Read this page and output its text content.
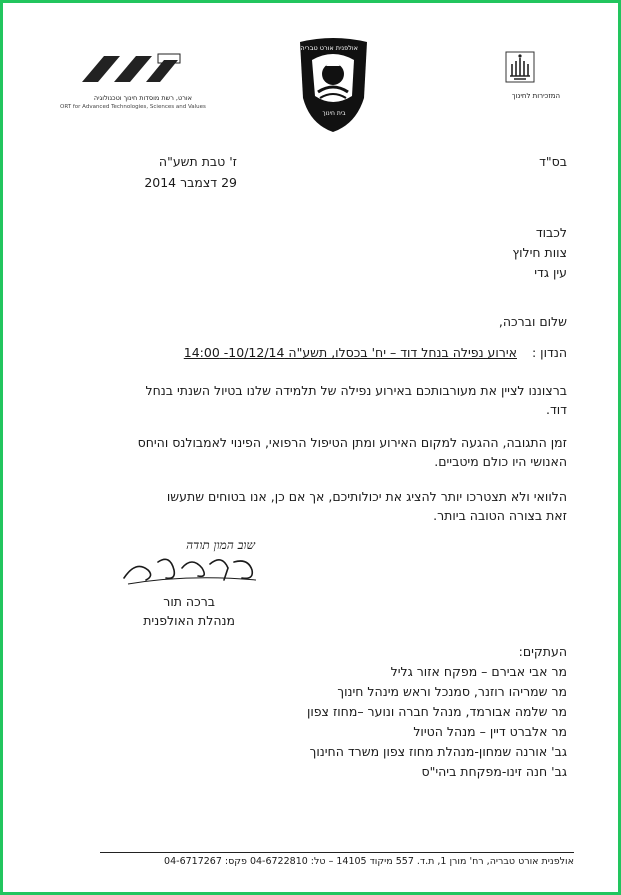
המזכירות לחינוך
אולפנית אורט טבריה
בית חינוך
אורט, רשת מוסדות חינוך וטכנולוגיה
ORT for Advanced Technologies, Sciences and Values
בס"ד
ז' טבת תשע"ה
29 דצמבר 2014
לכבוד
צוות חילוץ
עין גדי
שלום וברכה,
הנדון :
אירוע נפילה בנחל דוד – יח' בכסלו, תשע"ה 10/12/14- 14:00
ברצוננו לציין את מעורבותכם באירוע נפילה של תלמידה שלנו בטיול השנתי בנחל
דוד.
זמן התגובה, ההגעה למקום האירוע ומתן הטיפול הרפואי, הפינוי לאמבולנס והיחס
האנושי היו כולם מיטביים.
הלוואי ולא תצטרכו יותר להציג את יכולותיכם, אך אם כן, אנו בטוחים שתעשו
זאת בצורה הטובה ביותר.
שוב המון תודה
ברכה תור
מנהלת האולפנית
העתקים:
מר אבי אבירם – מפקח אזור גליל
מר שמריהו רוזנר, סמנכל וראש מינהל חינוך
מר שלמה אבורמד, מנהל חברה ונוער –מחוז צפון
מר אלברט דיין – מנהל הטיול
גב' אורנה שמחון-מנהלת מחוז צפון משרד החינוך
גב' חנה זינו-מפקחת ביהי"ס
אולפנית אורט טבריה, רח' מורן 1, ת.ד. 557 מיקוד 14105 – טל: 04-6722810 פקס: 04-6717267
